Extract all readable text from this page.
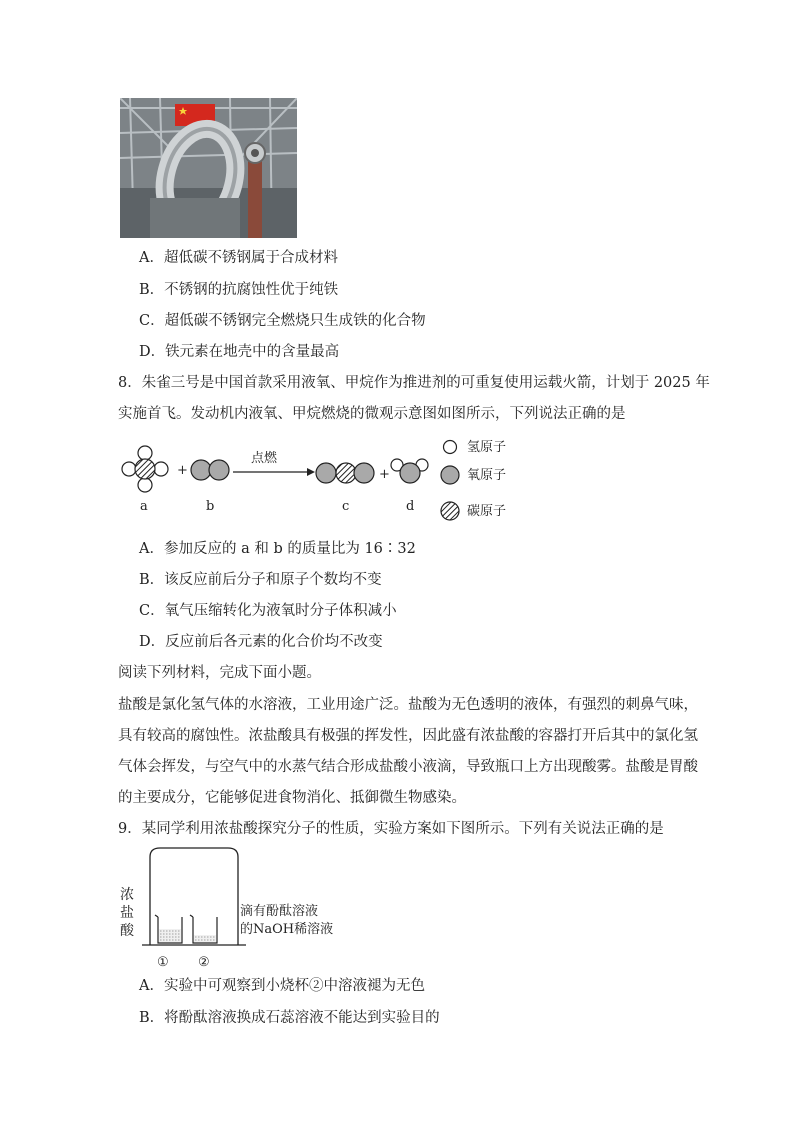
A．超低碳不锈钢属于合成材料
B．不锈钢的抗腐蚀性优于纯铁
C．超低碳不锈钢完全燃烧只生成铁的化合物
D．铁元素在地壳中的含量最高
8．朱雀三号是中国首款采用液氧、甲烷作为推进剂的可重复使用运载火箭，计划于 2025 年
实施首飞。发动机内液氧、甲烷燃烧的微观示意图如图所示，下列说法正确的是
+
点燃
+
a	b	c	d
氢原子
氧原子
碳原子
A．参加反应的 a 和 b 的质量比为 16∶32
B．该反应前后分子和原子个数均不变
C．氧气压缩转化为液氧时分子体积减小
D．反应前后各元素的化合价均不改变
阅读下列材料，完成下面小题。
盐酸是氯化氢气体的水溶液，工业用途广泛。盐酸为无色透明的液体，有强烈的刺鼻气味，
具有较高的腐蚀性。浓盐酸具有极强的挥发性，因此盛有浓盐酸的容器打开后其中的氯化氢
气体会挥发，与空气中的水蒸气结合形成盐酸小液滴，导致瓶口上方出现酸雾。盐酸是胃酸
的主要成分，它能够促进食物消化、抵御微生物感染。
9．某同学利用浓盐酸探究分子的性质，实验方案如下图所示。下列有关说法正确的是
① ②
浓
盐
酸
滴有酚酞溶液
的NaOH稀溶液
A．实验中可观察到小烧杯②中溶液褪为无色
B．将酚酞溶液换成石蕊溶液不能达到实验目的
